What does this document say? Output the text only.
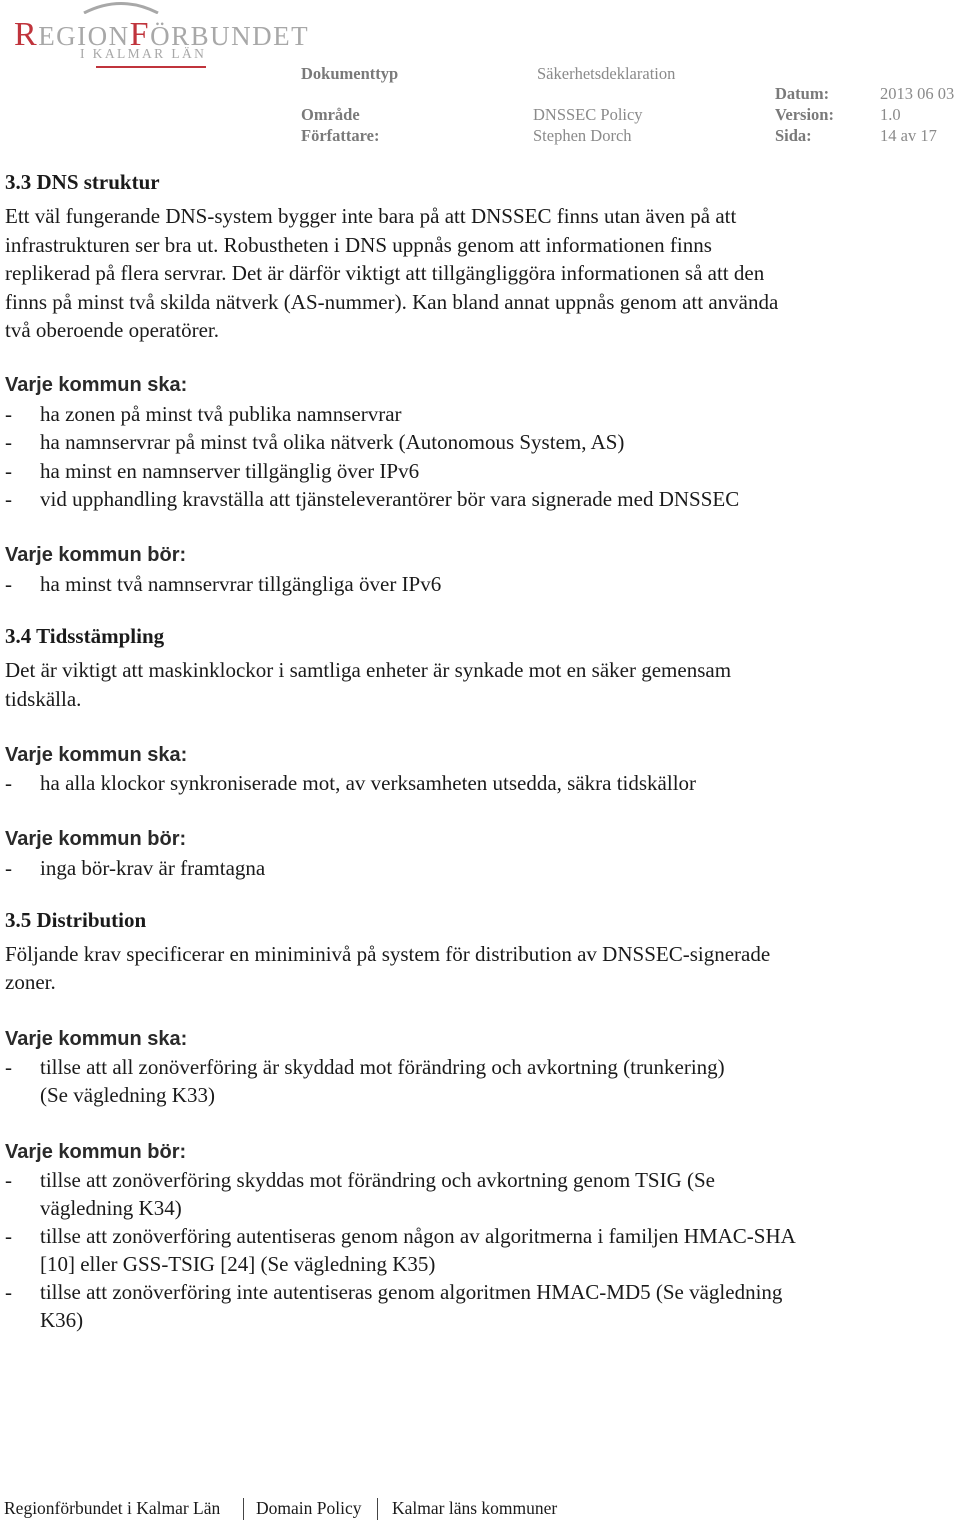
REGIONFÖRBUNDET
I KALMAR LÄN
Dokumenttyp	Säkerhetsdeklaration
Datum:	2013 06 03
Område	DNSSEC Policy	Version:	1.0
Författare:	Stephen Dorch	Sida:	14 av 17
3.3 DNS struktur
Ett väl fungerande DNS-system bygger inte bara på att DNSSEC finns utan även på att
infrastrukturen ser bra ut. Robustheten i DNS uppnås genom att informationen finns
replikerad på flera servrar. Det är därför viktigt att tillgängliggöra informationen så att den
finns på minst två skilda nätverk (AS-nummer). Kan bland annat uppnås genom att använda
två oberoende operatörer.
Varje kommun ska:
- ha zonen på minst två publika namnservrar
- ha namnservrar på minst två olika nätverk (Autonomous System, AS)
- ha minst en namnserver tillgänglig över IPv6
- vid upphandling kravställa att tjänsteleverantörer bör vara signerade med DNSSEC
Varje kommun bör:
- ha minst två namnservrar tillgängliga över IPv6
3.4 Tidsstämpling
Det är viktigt att maskinklockor i samtliga enheter är synkade mot en säker gemensam
tidskälla.
Varje kommun ska:
- ha alla klockor synkroniserade mot, av verksamheten utsedda, säkra tidskällor
Varje kommun bör:
- inga bör-krav är framtagna
3.5 Distribution
Följande krav specificerar en miniminivå på system för distribution av DNSSEC-signerade
zoner.
Varje kommun ska:
- tillse att all zonöverföring är skyddad mot förändring och avkortning (trunkering)
(Se vägledning K33)
Varje kommun bör:
- tillse att zonöverföring skyddas mot förändring och avkortning genom TSIG (Se
vägledning K34)
- tillse att zonöverföring autentiseras genom någon av algoritmerna i familjen HMAC-SHA
[10] eller GSS-TSIG [24] (Se vägledning K35)
- tillse att zonöverföring inte autentiseras genom algoritmen HMAC-MD5 (Se vägledning
K36)
Regionförbundet i Kalmar Län Domain Policy Kalmar läns kommuner
